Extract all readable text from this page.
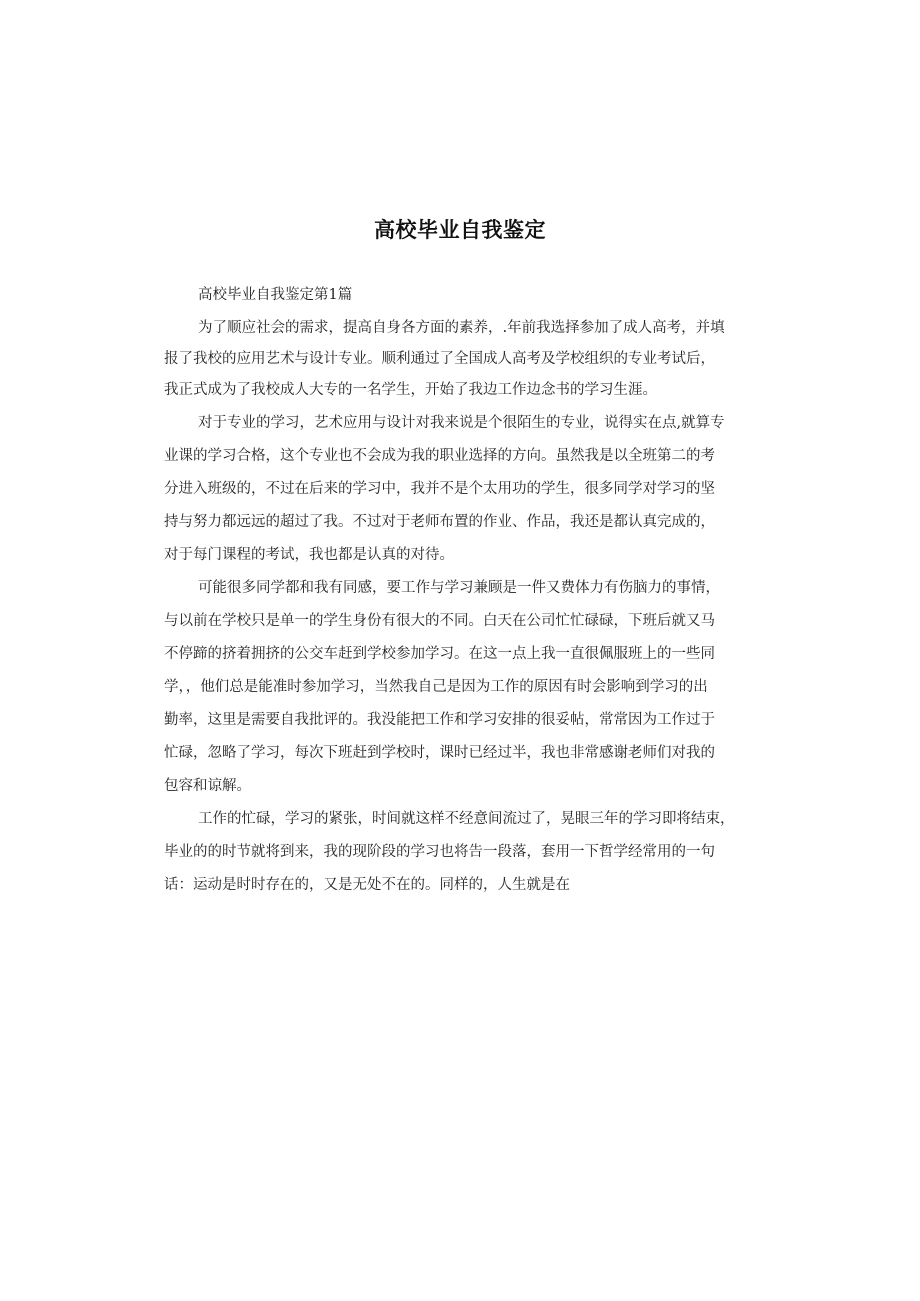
高校毕业自我鉴定
高校毕业自我鉴定第1篇
为了顺应社会的需求，提高自身各方面的素养，.年前我选择参加了成人高考，并填
报了我校的应用艺术与设计专业。顺利通过了全国成人高考及学校组织的专业考试后，
我正式成为了我校成人大专的一名学生，开始了我边工作边念书的学习生涯。
对于专业的学习，艺术应用与设计对我来说是个很陌生的专业，说得实在点,就算专
业课的学习合格，这个专业也不会成为我的职业选择的方向。虽然我是以全班第二的考
分进入班级的，不过在后来的学习中，我并不是个太用功的学生，很多同学对学习的坚
持与努力都远远的超过了我。不过对于老师布置的作业、作品，我还是都认真完成的，
对于每门课程的考试，我也都是认真的对待。
可能很多同学都和我有同感，要工作与学习兼顾是一件又费体力有伤脑力的事情，
与以前在学校只是单一的学生身份有很大的不同。白天在公司忙忙碌碌，下班后就又马
不停蹄的挤着拥挤的公交车赶到学校参加学习。在这一点上我一直很佩服班上的一些同
学，，他们总是能准时参加学习，当然我自己是因为工作的原因有时会影响到学习的出
勤率，这里是需要自我批评的。我没能把工作和学习安排的很妥帖，常常因为工作过于
忙碌，忽略了学习，每次下班赶到学校时，课时已经过半，我也非常感谢老师们对我的
包容和谅解。
工作的忙碌，学习的紧张，时间就这样不经意间流过了，晃眼三年的学习即将结束，
毕业的的时节就将到来，我的现阶段的学习也将告一段落，套用一下哲学经常用的一句
话：运动是时时存在的，又是无处不在的。同样的，人生就是在
